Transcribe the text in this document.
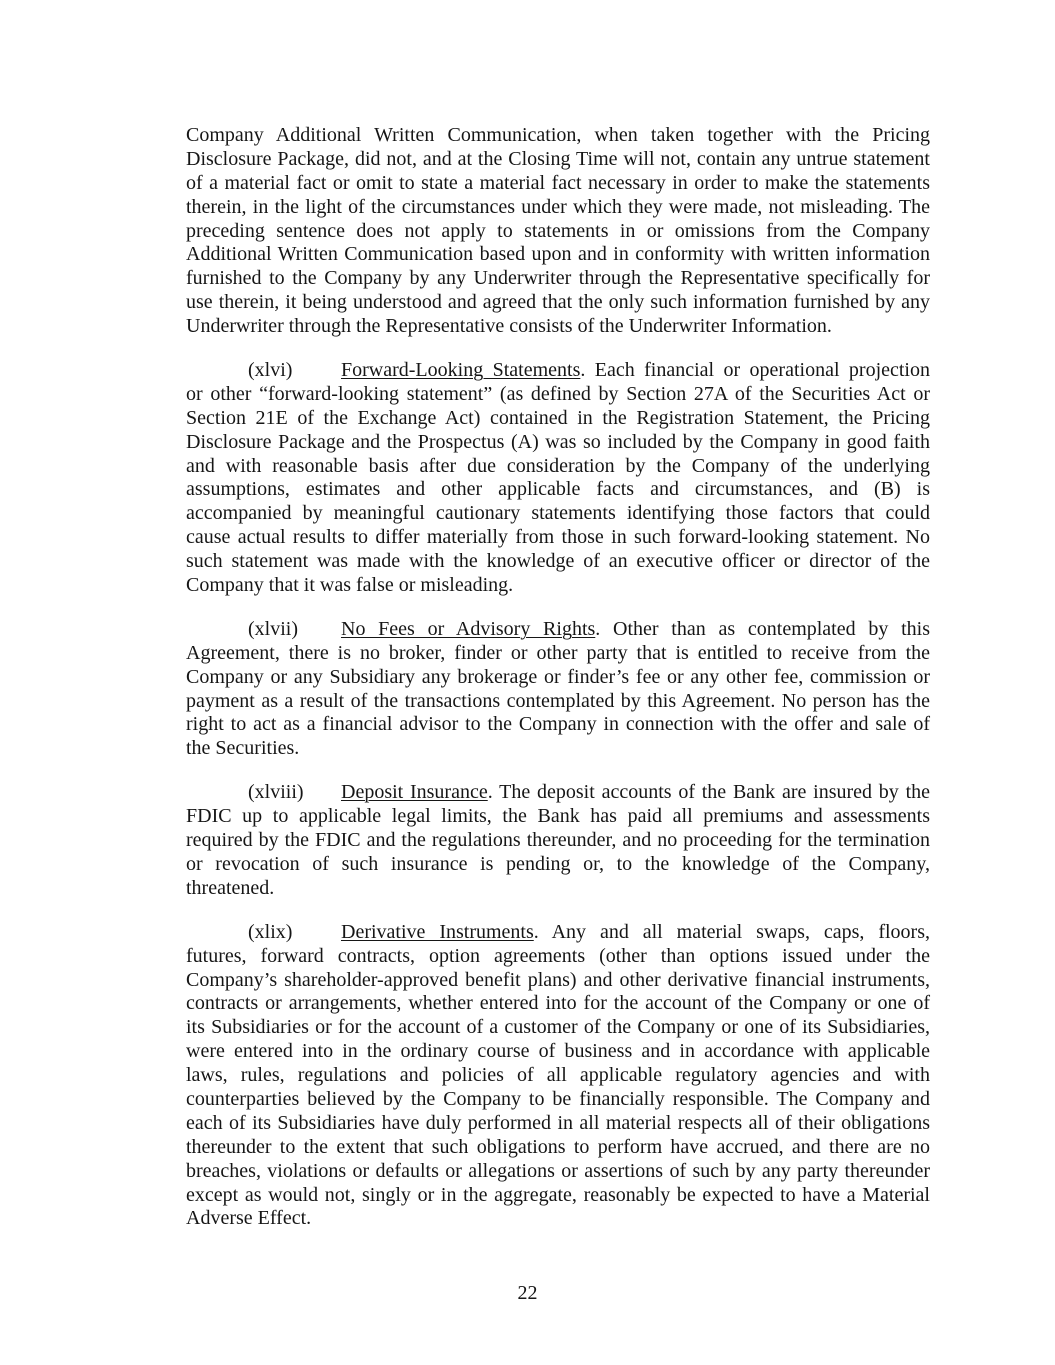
Company Additional Written Communication, when taken together with the Pricing
Disclosure Package, did not, and at the Closing Time will not, contain any untrue statement
of a material fact or omit to state a material fact necessary in order to make the statements
therein, in the light of the circumstances under which they were made, not misleading. The
preceding sentence does not apply to statements in or omissions from the Company
Additional Written Communication based upon and in conformity with written information
furnished to the Company by any Underwriter through the Representative specifically for
use therein, it being understood and agreed that the only such information furnished by any
Underwriter through the Representative consists of the Underwriter Information.
(xlvi) Forward-Looking Statements. Each financial or operational projection
or other “forward-looking statement” (as defined by Section 27A of the Securities Act or
Section 21E of the Exchange Act) contained in the Registration Statement, the Pricing
Disclosure Package and the Prospectus (A) was so included by the Company in good faith
and with reasonable basis after due consideration by the Company of the underlying
assumptions, estimates and other applicable facts and circumstances, and (B) is
accompanied by meaningful cautionary statements identifying those factors that could
cause actual results to differ materially from those in such forward-looking statement. No
such statement was made with the knowledge of an executive officer or director of the
Company that it was false or misleading.
(xlvii) No Fees or Advisory Rights. Other than as contemplated by this
Agreement, there is no broker, finder or other party that is entitled to receive from the
Company or any Subsidiary any brokerage or finder’s fee or any other fee, commission or
payment as a result of the transactions contemplated by this Agreement. No person has the
right to act as a financial advisor to the Company in connection with the offer and sale of
the Securities.
(xlviii) Deposit Insurance. The deposit accounts of the Bank are insured by the
FDIC up to applicable legal limits, the Bank has paid all premiums and assessments
required by the FDIC and the regulations thereunder, and no proceeding for the termination
or revocation of such insurance is pending or, to the knowledge of the Company,
threatened.
(xlix) Derivative Instruments. Any and all material swaps, caps, floors,
futures, forward contracts, option agreements (other than options issued under the
Company’s shareholder-approved benefit plans) and other derivative financial instruments,
contracts or arrangements, whether entered into for the account of the Company or one of
its Subsidiaries or for the account of a customer of the Company or one of its Subsidiaries,
were entered into in the ordinary course of business and in accordance with applicable
laws, rules, regulations and policies of all applicable regulatory agencies and with
counterparties believed by the Company to be financially responsible. The Company and
each of its Subsidiaries have duly performed in all material respects all of their obligations
thereunder to the extent that such obligations to perform have accrued, and there are no
breaches, violations or defaults or allegations or assertions of such by any party thereunder
except as would not, singly or in the aggregate, reasonably be expected to have a Material
Adverse Effect.
22
